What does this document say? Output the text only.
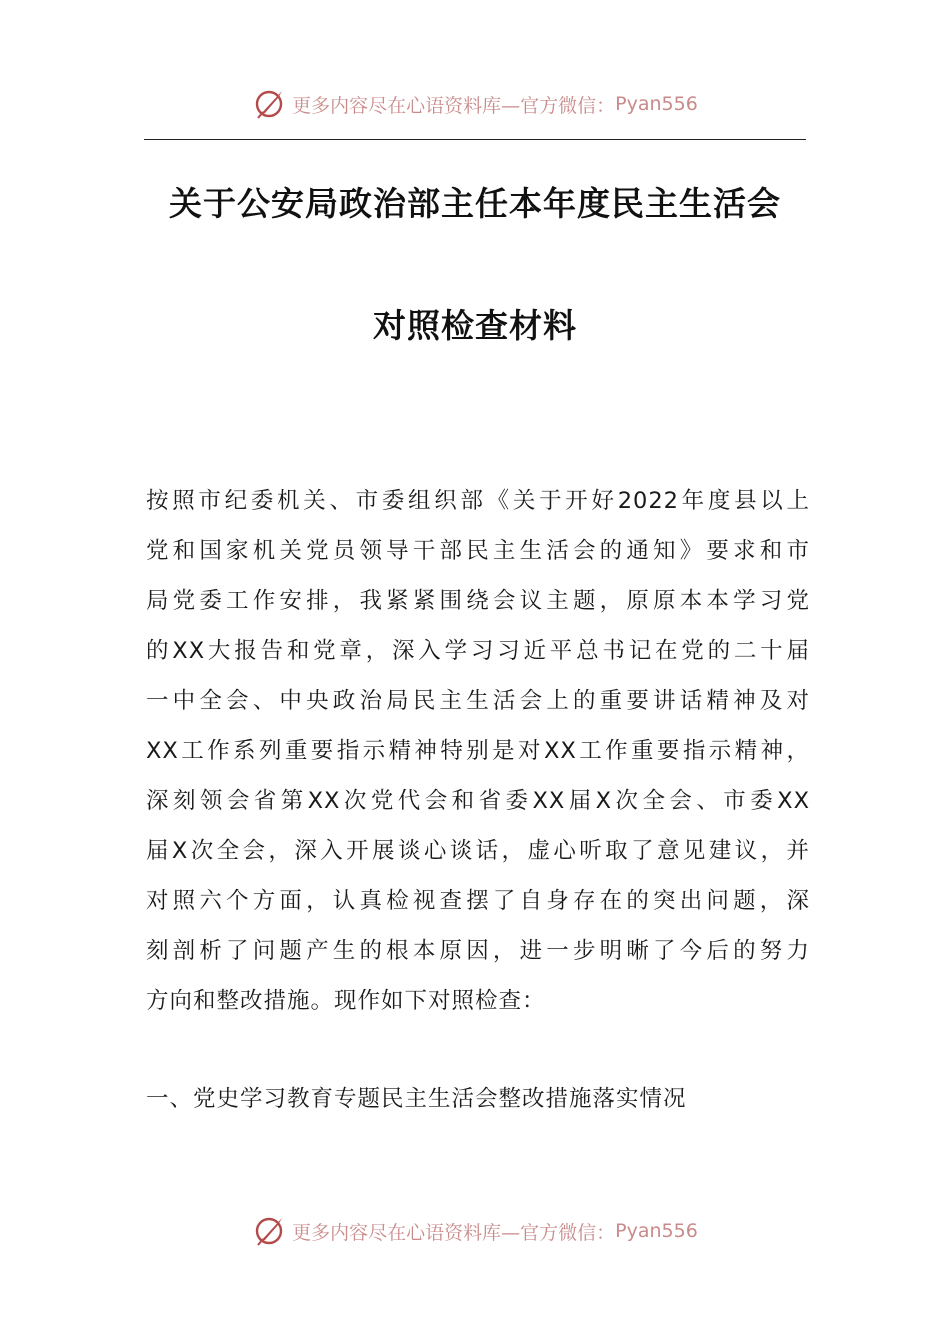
更多内容尽在心语资料库—官方微信： Pyan556
关于公安局政治部主任本年度民主生活会
对照检查材料
按照市纪委机关、市委组织部《关于开好2022年度县以上
党和国家机关党员领导干部民主生活会的通知》要求和市
局党委工作安排，我紧紧围绕会议主题，原原本本学习党
的XX大报告和党章，深入学习习近平总书记在党的二十届
一中全会、中央政治局民主生活会上的重要讲话精神及对
XX工作系列重要指示精神特别是对XX工作重要指示精神，
深刻领会省第XX次党代会和省委XX届X次全会、市委XX
届X次全会，深入开展谈心谈话，虚心听取了意见建议，并
对照六个方面，认真检视查摆了自身存在的突出问题，深
刻剖析了问题产生的根本原因，进一步明晰了今后的努力
方向和整改措施。现作如下对照检查：
一、党史学习教育专题民主生活会整改措施落实情况
更多内容尽在心语资料库—官方微信： Pyan556
